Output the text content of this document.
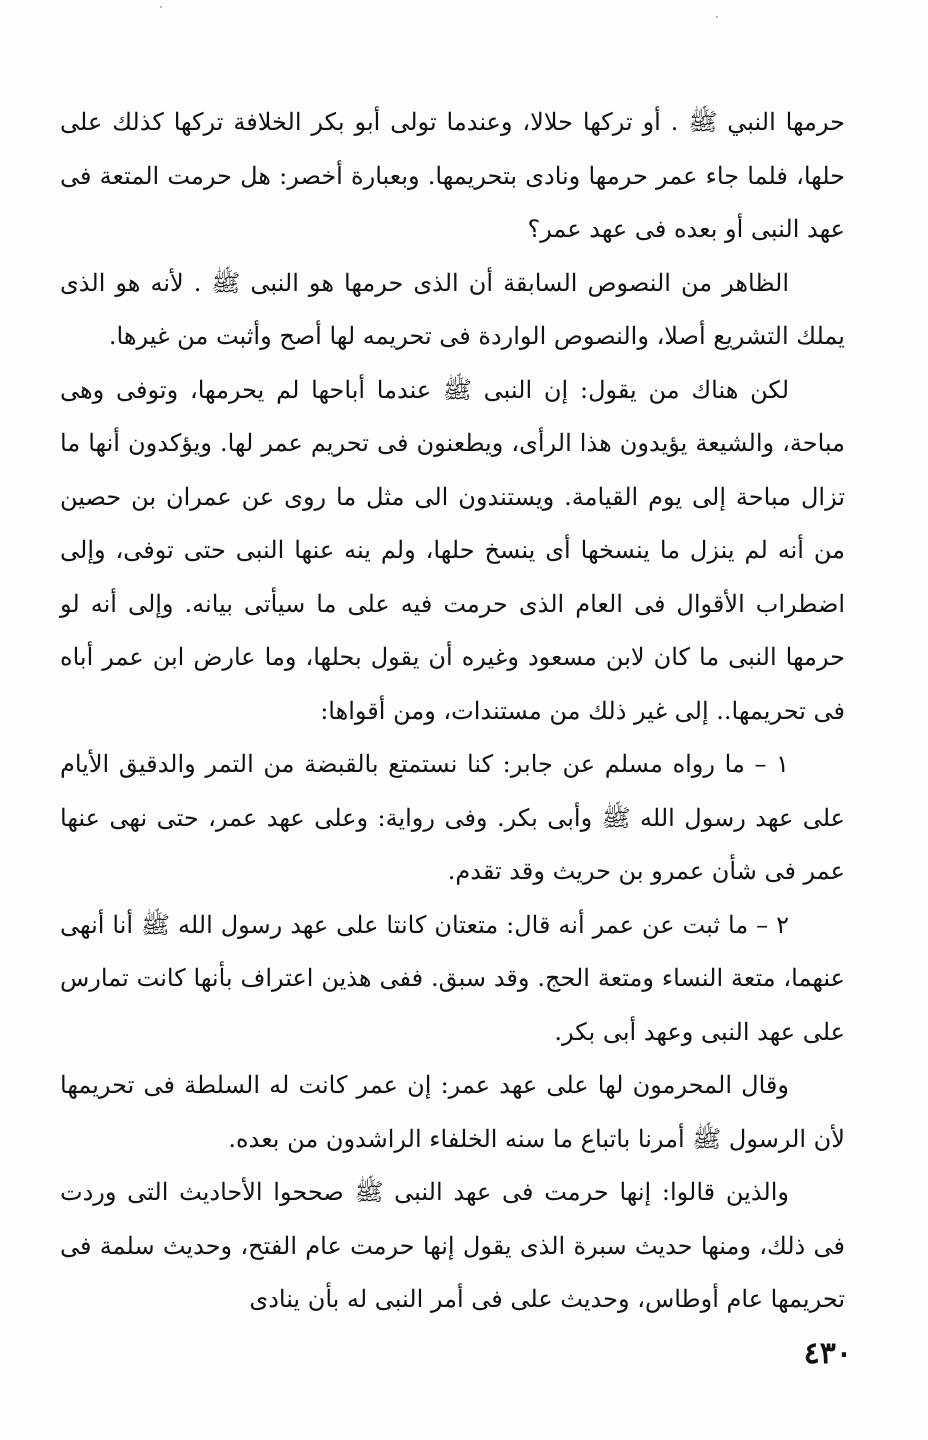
حرمها النبي ﷺ . أو تركها حلالا، وعندما تولى أبو بكر الخلافة تركها كذلك على حلها، فلما جاء عمر حرمها ونادى بتحريمها. وبعبارة أخصر: هل حرمت المتعة فى عهد النبى أو بعده فى عهد عمر؟

الظاهر من النصوص السابقة أن الذى حرمها هو النبى ﷺ . لأنه هو الذى يملك التشريع أصلا، والنصوص الواردة فى تحريمه لها أصح وأثبت من غيرها.

لكن هناك من يقول: إن النبى ﷺ عندما أباحها لم يحرمها، وتوفى وهى مباحة، والشيعة يؤيدون هذا الرأى، ويطعنون فى تحريم عمر لها. ويؤكدون أنها ما تزال مباحة إلى يوم القيامة. ويستندون الى مثل ما روى عن عمران بن حصين من أنه لم ينزل ما ينسخها أى ينسخ حلها، ولم ينه عنها النبى حتى توفى، وإلى اضطراب الأقوال فى العام الذى حرمت فيه على ما سيأتى بيانه. وإلى أنه لو حرمها النبى ما كان لابن مسعود وغيره أن يقول بحلها، وما عارض ابن عمر أباه فى تحريمها.. إلى غير ذلك من مستندات، ومن أقواها:

١ – ما رواه مسلم عن جابر: كنا نستمتع بالقبضة من التمر والدقيق الأيام على عهد رسول الله ﷺ وأبى بكر. وفى رواية: وعلى عهد عمر، حتى نهى عنها عمر فى شأن عمرو بن حريث وقد تقدم.

٢ – ما ثبت عن عمر أنه قال: متعتان كانتا على عهد رسول الله ﷺ أنا أنهى عنهما، متعة النساء ومتعة الحج. وقد سبق. ففى هذين اعتراف بأنها كانت تمارس على عهد النبى وعهد أبى بكر.

وقال المحرمون لها على عهد عمر: إن عمر كانت له السلطة فى تحريمها لأن الرسول ﷺ أمرنا باتباع ما سنه الخلفاء الراشدون من بعده.

والذين قالوا: إنها حرمت فى عهد النبى ﷺ صححوا الأحاديث التى وردت فى ذلك، ومنها حديث سبرة الذى يقول إنها حرمت عام الفتح، وحديث سلمة فى تحريمها عام أوطاس، وحديث على فى أمر النبى له بأن ينادى

٤٣٠
